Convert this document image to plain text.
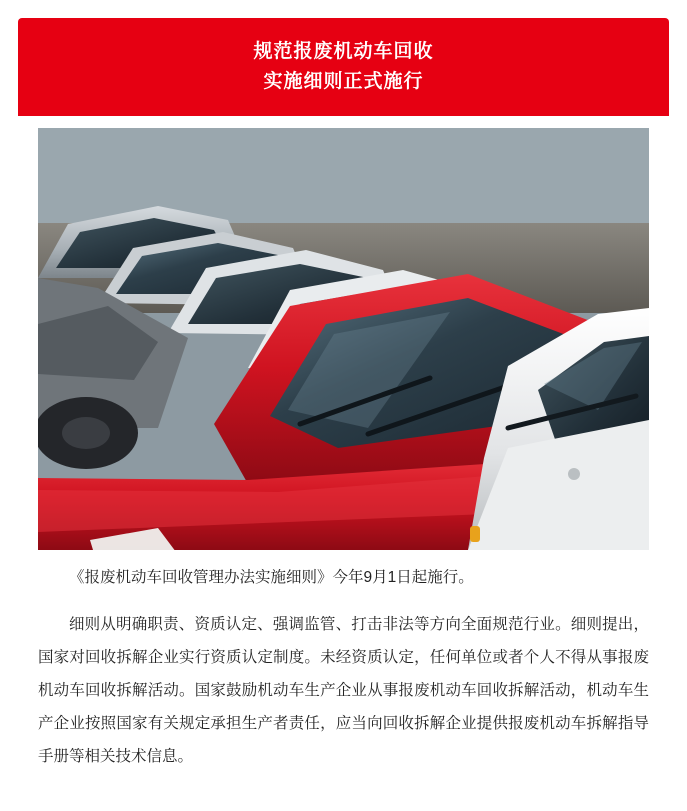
规范报废机动车回收
实施细则正式施行
《报废机动车回收管理办法实施细则》今年9月1日起施行。
细则从明确职责、资质认定、强调监管、打击非法等方向全面规范行业。细则提出，国家对回收拆解企业实行资质认定制度。未经资质认定，任何单位或者个人不得从事报废机动车回收拆解活动。国家鼓励机动车生产企业从事报废机动车回收拆解活动，机动车生产企业按照国家有关规定承担生产者责任，应当向回收拆解企业提供报废机动车拆解指导手册等相关技术信息。
